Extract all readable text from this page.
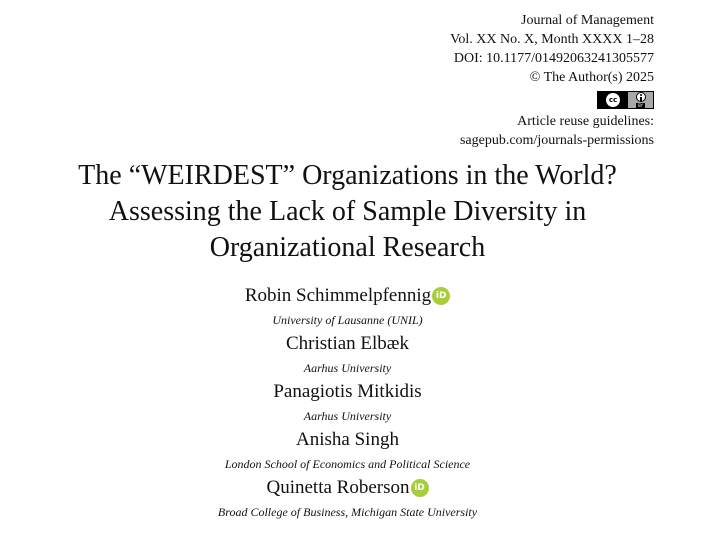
Journal of Management
Vol. XX No. X, Month XXXX 1–28
DOI: 10.1177/01492063241305577
© The Author(s) 2025
cc
BY
Article reuse guidelines:
sagepub.com/journals-permissions
The “WEIRDEST” Organizations in the World?
Assessing the Lack of Sample Diversity in
Organizational Research
Robin Schimmelpfennig iD
University of Lausanne (UNIL)
Christian Elbæk
Aarhus University
Panagiotis Mitkidis
Aarhus University
Anisha Singh
London School of Economics and Political Science
Quinetta Roberson iD
Broad College of Business, Michigan State University
